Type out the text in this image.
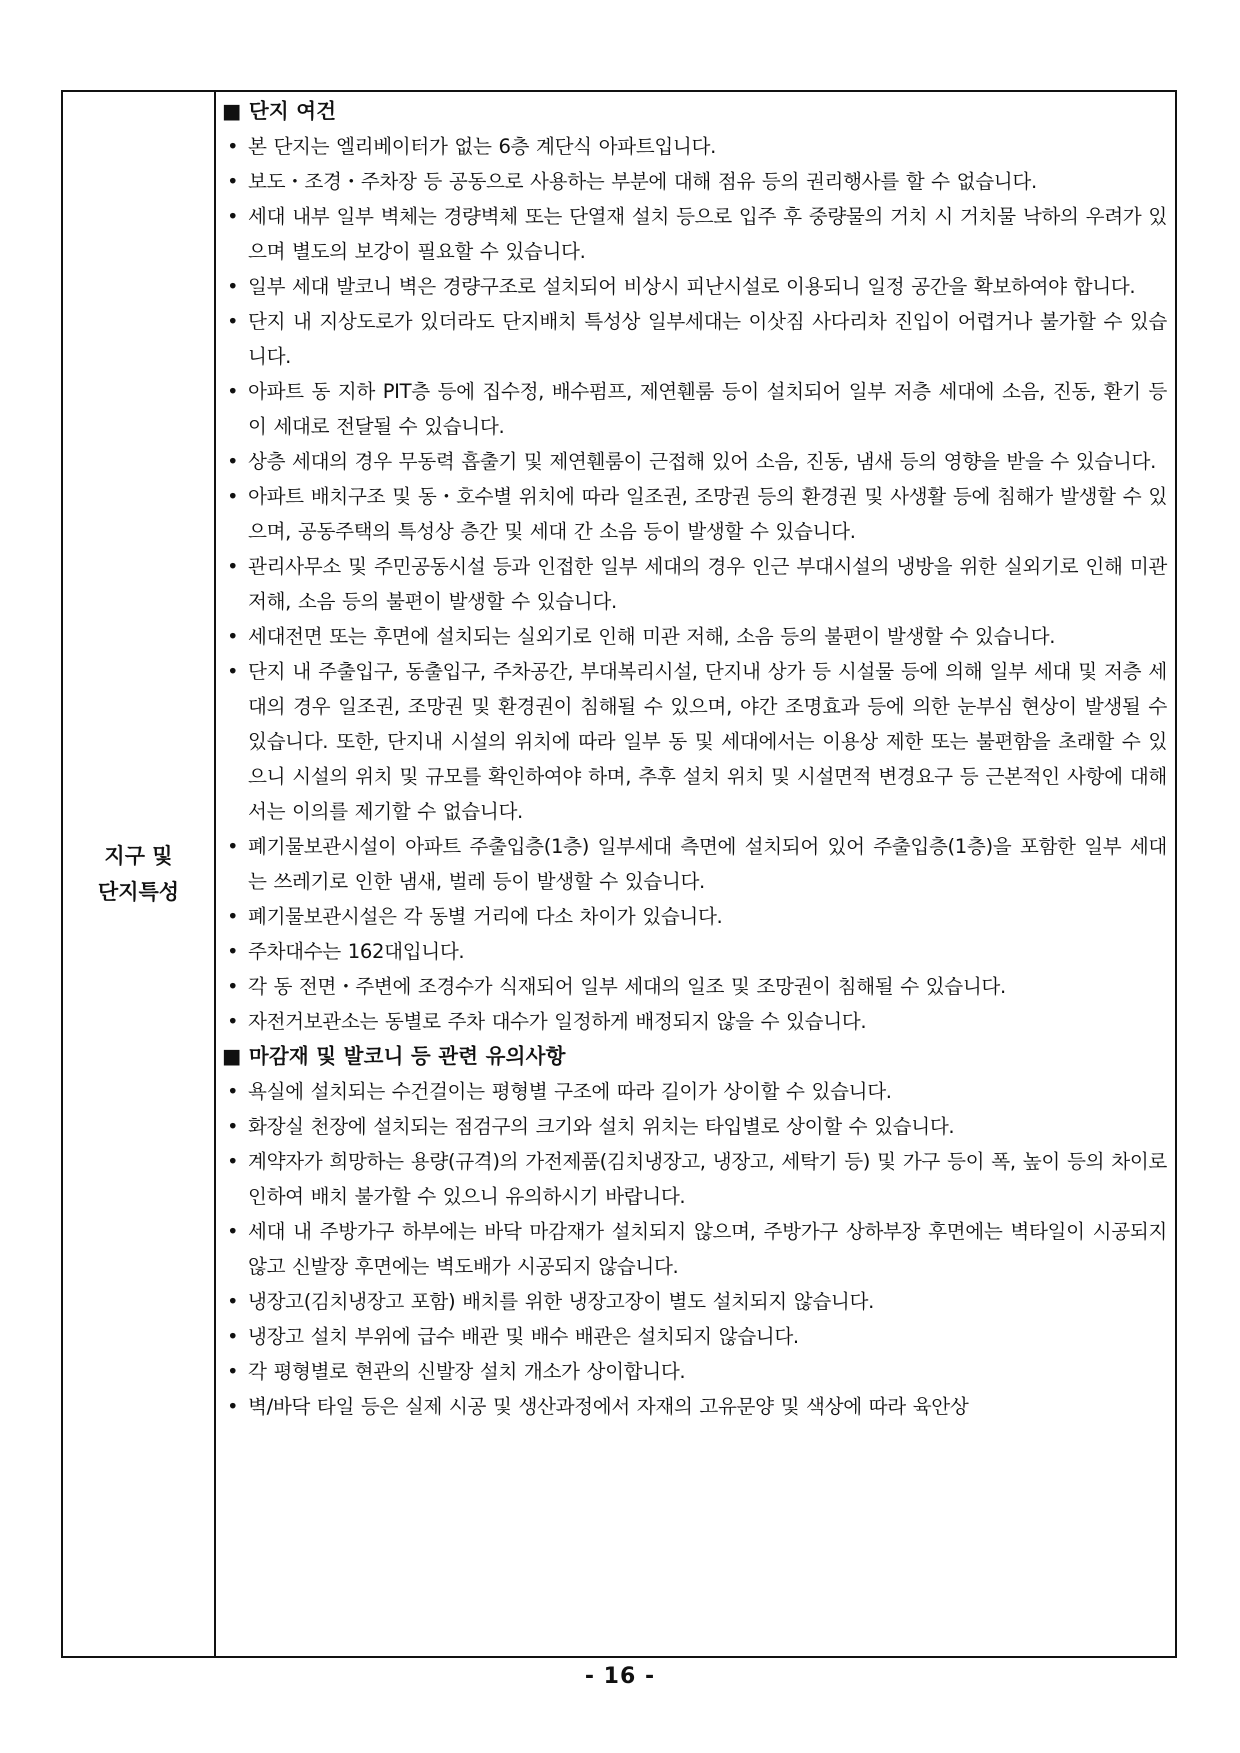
지구 및
단지특성
■ 단지 여건
• 본 단지는 엘리베이터가 없는 6층 계단식 아파트입니다.
• 보도・조경・주차장 등 공동으로 사용하는 부분에 대해 점유 등의 권리행사를 할 수 없습니다.
• 세대 내부 일부 벽체는 경량벽체 또는 단열재 설치 등으로 입주 후 중량물의 거치 시 거치물 낙하의 우려가 있으며 별도의 보강이 필요할 수 있습니다.
• 일부 세대 발코니 벽은 경량구조로 설치되어 비상시 피난시설로 이용되니 일정 공간을 확보하여야 합니다.
• 단지 내 지상도로가 있더라도 단지배치 특성상 일부세대는 이삿짐 사다리차 진입이 어렵거나 불가할 수 있습니다.
• 아파트 동 지하 PIT층 등에 집수정, 배수펌프, 제연휀룸 등이 설치되어 일부 저층 세대에 소음, 진동, 환기 등이 세대로 전달될 수 있습니다.
• 상층 세대의 경우 무동력 흡출기 및 제연휀룸이 근접해 있어 소음, 진동, 냄새 등의 영향을 받을 수 있습니다.
• 아파트 배치구조 및 동・호수별 위치에 따라 일조권, 조망권 등의 환경권 및 사생활 등에 침해가 발생할 수 있으며, 공동주택의 특성상 층간 및 세대 간 소음 등이 발생할 수 있습니다.
• 관리사무소 및 주민공동시설 등과 인접한 일부 세대의 경우 인근 부대시설의 냉방을 위한 실외기로 인해 미관 저해, 소음 등의 불편이 발생할 수 있습니다.
• 세대전면 또는 후면에 설치되는 실외기로 인해 미관 저해, 소음 등의 불편이 발생할 수 있습니다.
• 단지 내 주출입구, 동출입구, 주차공간, 부대복리시설, 단지내 상가 등 시설물 등에 의해 일부 세대 및 저층 세대의 경우 일조권, 조망권 및 환경권이 침해될 수 있으며, 야간 조명효과 등에 의한 눈부심 현상이 발생될 수 있습니다. 또한, 단지내 시설의 위치에 따라 일부 동 및 세대에서는 이용상 제한 또는 불편함을 초래할 수 있으니 시설의 위치 및 규모를 확인하여야 하며, 추후 설치 위치 및 시설면적 변경요구 등 근본적인 사항에 대해서는 이의를 제기할 수 없습니다.
• 폐기물보관시설이 아파트 주출입층(1층) 일부세대 측면에 설치되어 있어 주출입층(1층)을 포함한 일부 세대는 쓰레기로 인한 냄새, 벌레 등이 발생할 수 있습니다.
• 폐기물보관시설은 각 동별 거리에 다소 차이가 있습니다.
• 주차대수는 162대입니다.
• 각 동 전면・주변에 조경수가 식재되어 일부 세대의 일조 및 조망권이 침해될 수 있습니다.
• 자전거보관소는 동별로 주차 대수가 일정하게 배정되지 않을 수 있습니다.
■ 마감재 및 발코니 등 관련 유의사항
• 욕실에 설치되는 수건걸이는 평형별 구조에 따라 길이가 상이할 수 있습니다.
• 화장실 천장에 설치되는 점검구의 크기와 설치 위치는 타입별로 상이할 수 있습니다.
• 계약자가 희망하는 용량(규격)의 가전제품(김치냉장고, 냉장고, 세탁기 등) 및 가구 등이 폭, 높이 등의 차이로 인하여 배치 불가할 수 있으니 유의하시기 바랍니다.
• 세대 내 주방가구 하부에는 바닥 마감재가 설치되지 않으며, 주방가구 상하부장 후면에는 벽타일이 시공되지 않고 신발장 후면에는 벽도배가 시공되지 않습니다.
• 냉장고(김치냉장고 포함) 배치를 위한 냉장고장이 별도 설치되지 않습니다.
• 냉장고 설치 부위에 급수 배관 및 배수 배관은 설치되지 않습니다.
• 각 평형별로 현관의 신발장 설치 개소가 상이합니다.
• 벽/바닥 타일 등은 실제 시공 및 생산과정에서 자재의 고유문양 및 색상에 따라 육안상
- 16 -
